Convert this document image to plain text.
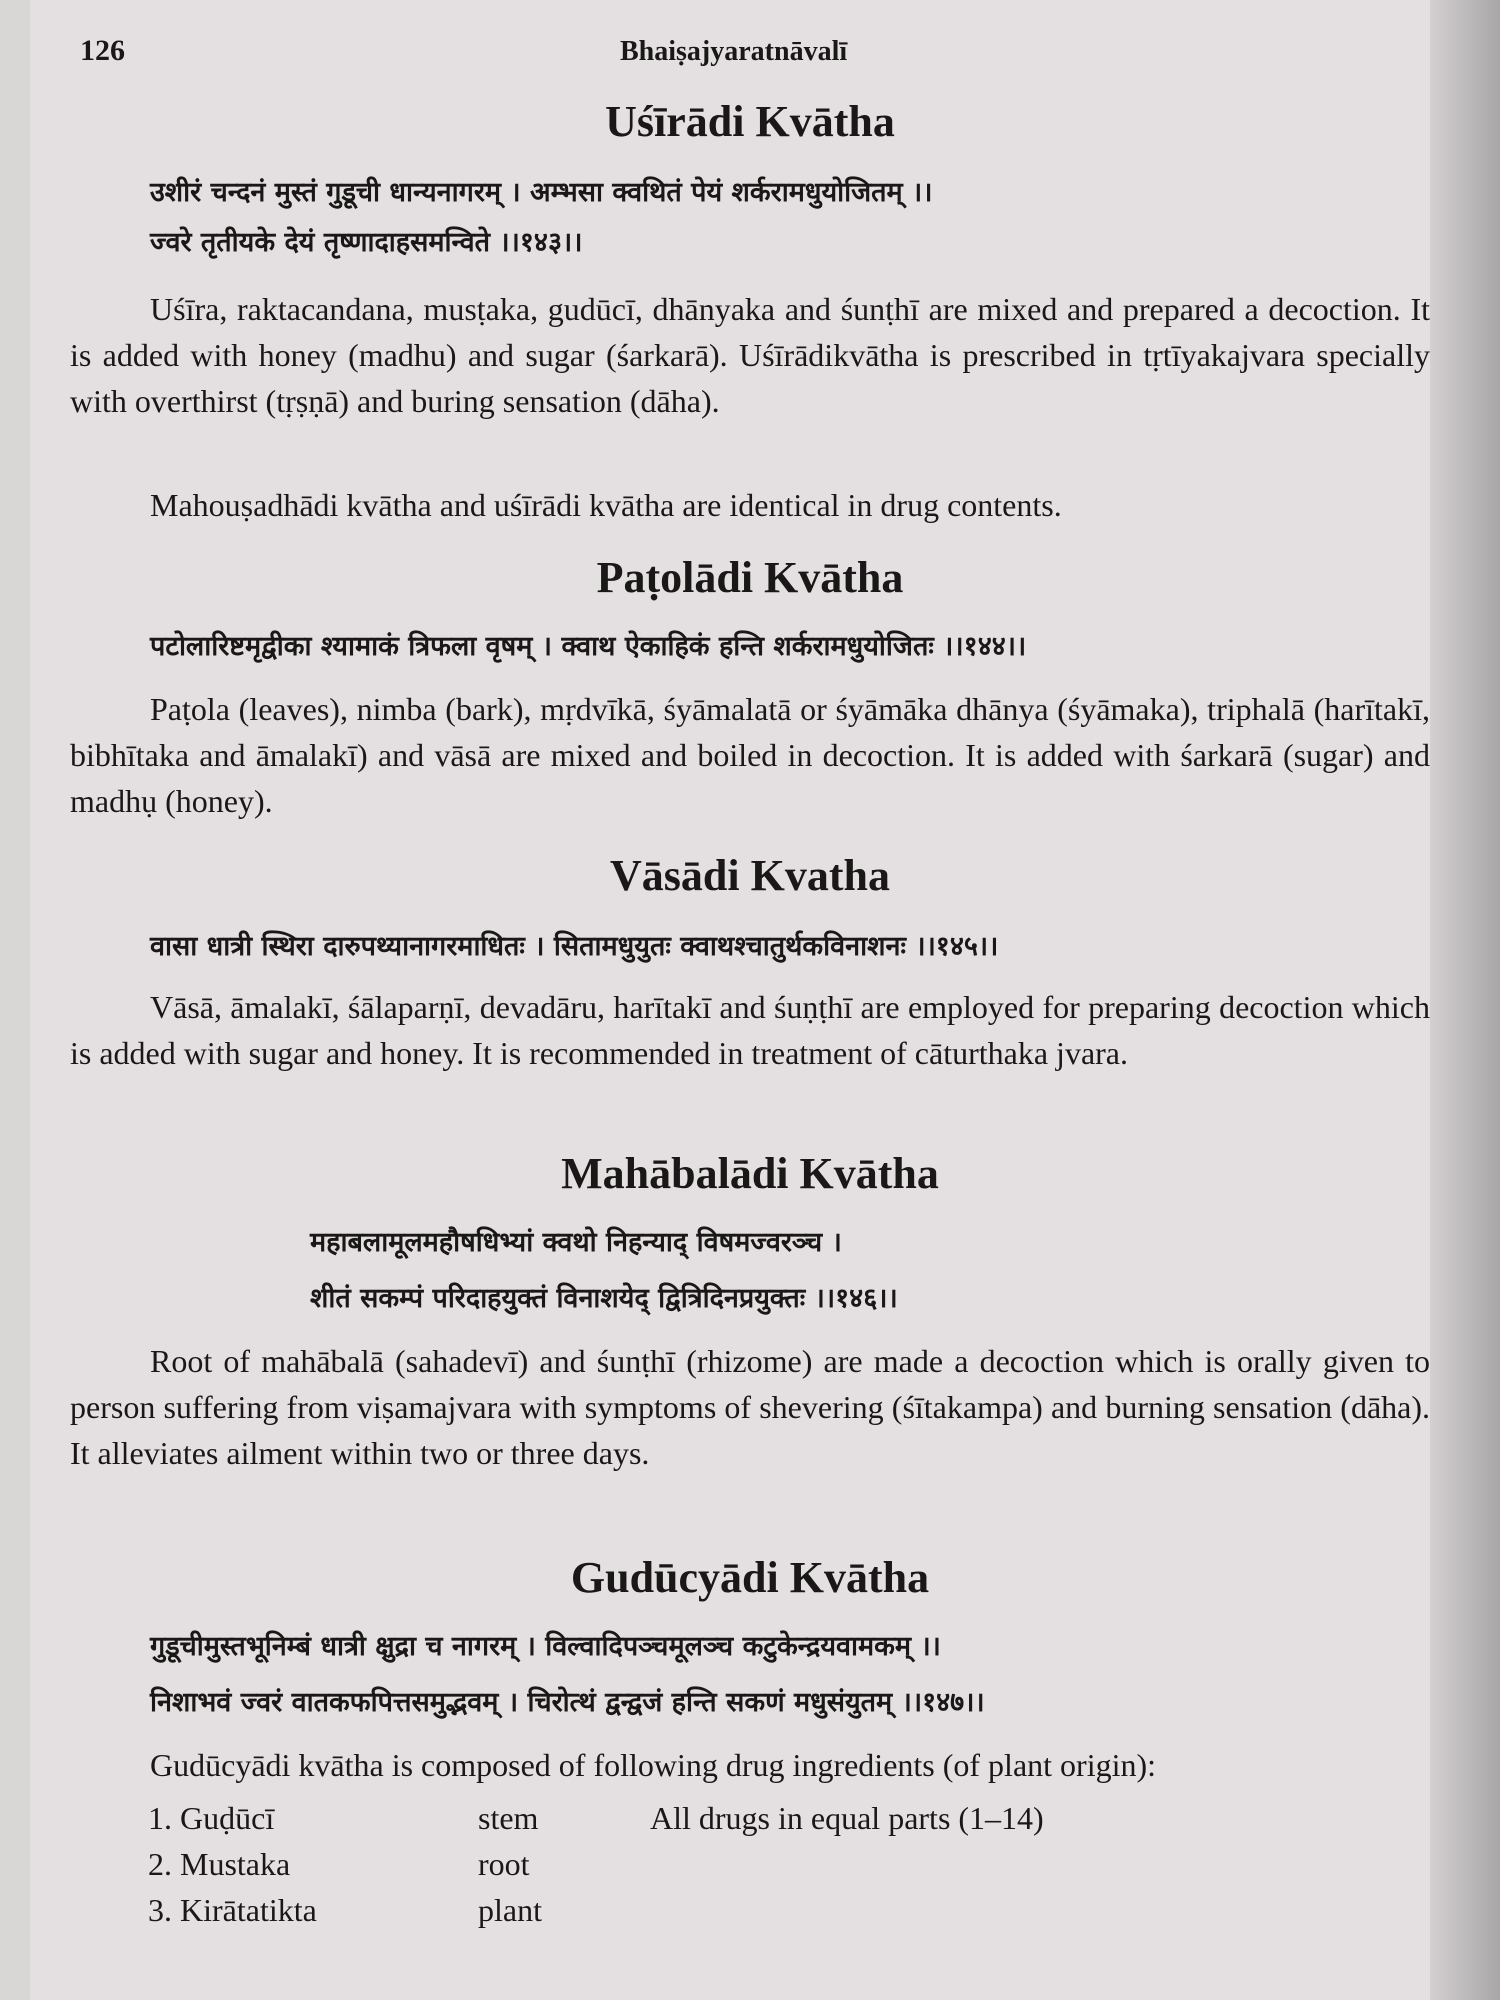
126	Bhaiṣajyaratnāvalī
Uśīrādi Kvātha
उशीरं चन्दनं मुस्तं गुडूची धान्यनागरम् । अम्भसा क्वथितं पेयं शर्करामधुयोजितम् ।।
ज्वरे तृतीयके देयं तृष्णादाहसमन्विते ।।१४३।।
Uśīra, raktacandana, musṭaka, gudūcī, dhānyaka and śunṭhī are mixed and prepared a decoction. It is added with honey (madhu) and sugar (śarkarā). Uśīrādikvātha is prescribed in tṛtīyakajvara specially with overthirst (tṛṣṇā) and buring sensation (dāha).
Mahouṣadhādi kvātha and uśīrādi kvātha are identical in drug contents.
Paṭolādi Kvātha
पटोलारिष्टमृद्वीका श्यामाकं त्रिफला वृषम् । क्वाथ ऐकाहिकं हन्ति शर्करामधुयोजितः ।।१४४।।
Paṭola (leaves), nimba (bark), mṛdvīkā, śyāmalatā or śyāmāka dhānya (śyāmaka), triphalā (harītakī, bibhītaka and āmalakī) and vāsā are mixed and boiled in decoction. It is added with śarkarā (sugar) and madhụ (honey).
Vāsādi Kvatha
वासा धात्री स्थिरा दारुपथ्यानागरमाधितः । सितामधुयुतः क्वाथश्चातुर्थकविनाशनः ।।१४५।।
Vāsā, āmalakī, śālaparṇī, devadāru, harītakī and śuṇṭhī are employed for preparing decoction which is added with sugar and honey. It is recommended in treatment of cāturthaka jvara.
Mahābalādi Kvātha
महाबलामूलमहौषधिभ्यां क्वथो निहन्याद् विषमज्वरञ्च ।
शीतं सकम्पं परिदाहयुक्तं विनाशयेद् द्वित्रिदिनप्रयुक्तः ।।१४६।।
Root of mahābalā (sahadevī) and śunṭhī (rhizome) are made a decoction which is orally given to person suffering from viṣamajvara with symptoms of shevering (śītakampa) and burning sensation (dāha). It alleviates ailment within two or three days.
Gudūcyādi Kvātha
गुडूचीमुस्तभूनिम्बं धात्री क्षुद्रा च नागरम् । विल्वादिपञ्चमूलञ्च कटुकेन्द्रयवामकम् ।।
निशाभवं ज्वरं वातकफपित्तसमुद्भवम् । चिरोत्थं द्वन्द्वजं हन्ति सकणं मधुसंयुतम् ।।१४७।।
Gudūcyādi kvātha is composed of following drug ingredients (of plant origin):
1. Guḍūcī	stem	All drugs in equal parts (1–14)
2. Mustaka	root
3. Kirātatikta	plant
